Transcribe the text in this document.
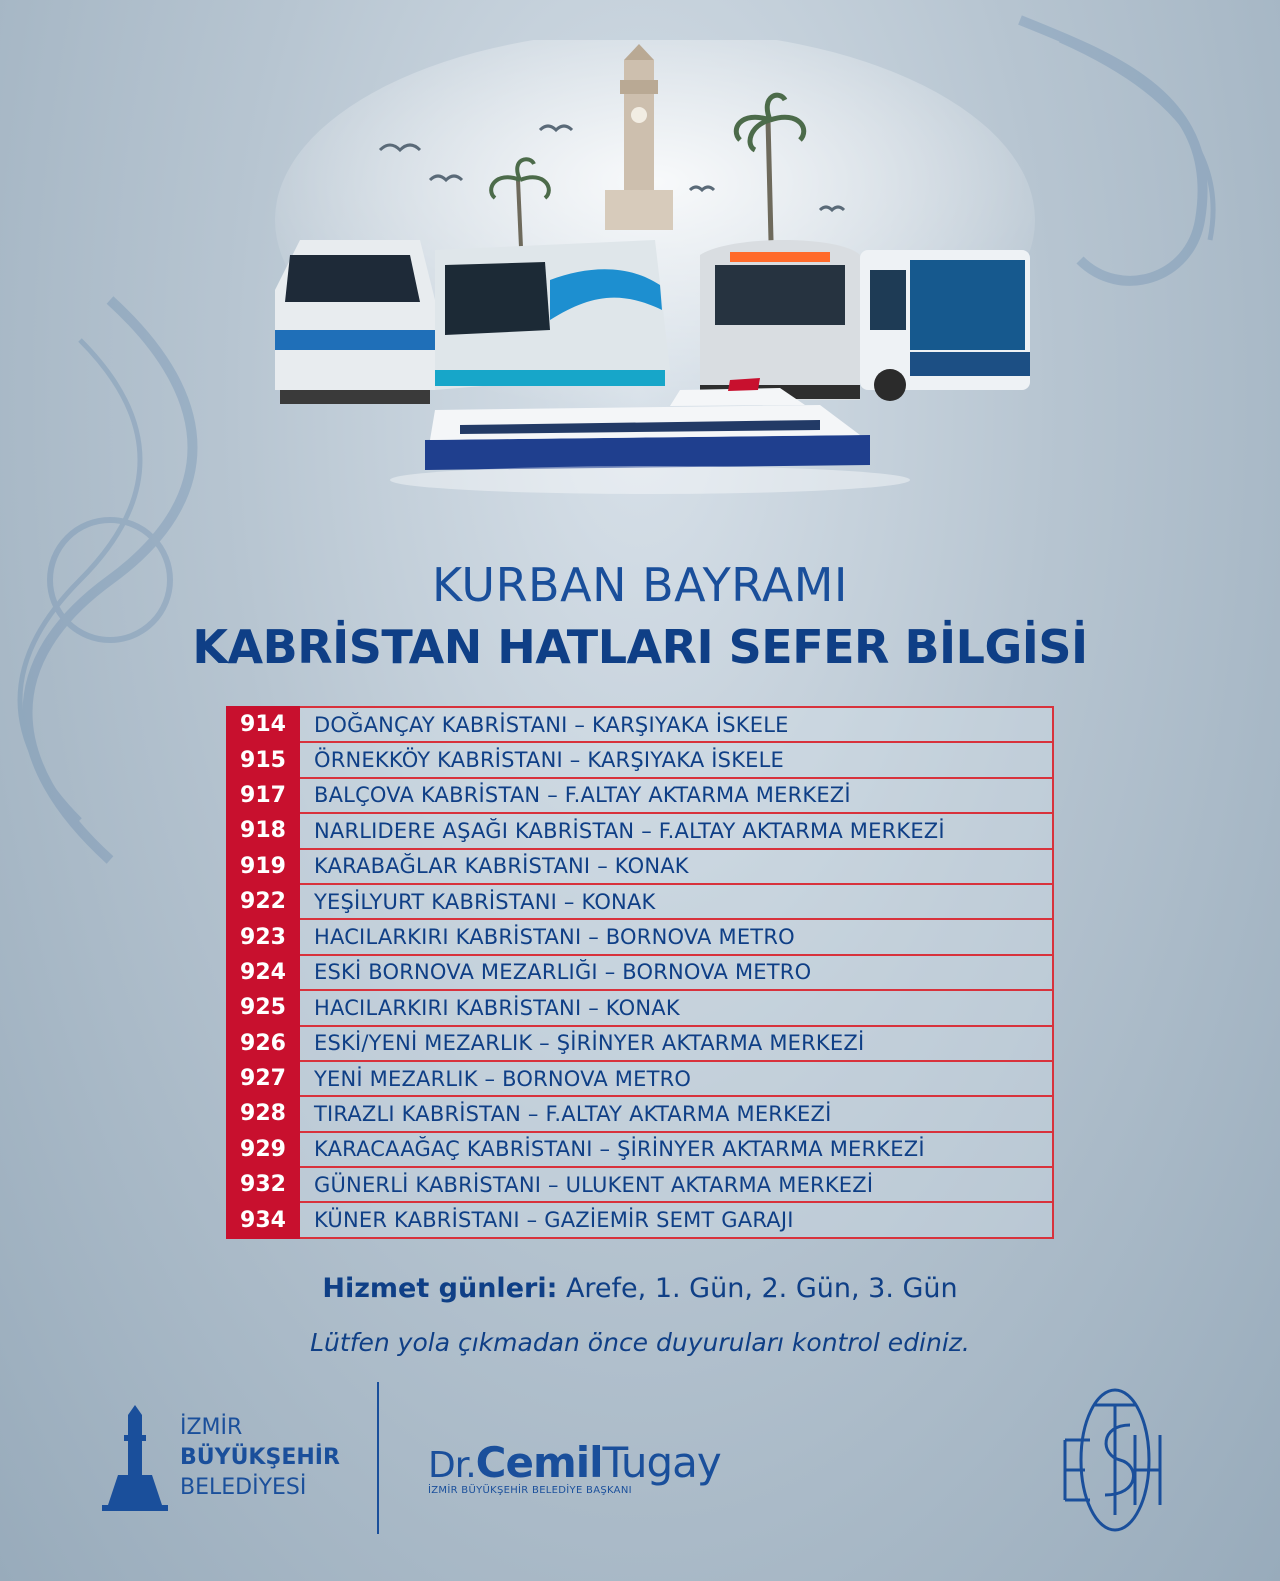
KURBAN BAYRAMI
KABRİSTAN HATLARI SEFER BİLGİSİ
914	DOĞANÇAY KABRİSTANI – KARŞIYAKA İSKELE
915	ÖRNEKKÖY KABRİSTANI – KARŞIYAKA İSKELE
917	BALÇOVA KABRİSTAN – F.ALTAY AKTARMA MERKEZİ
918	NARLIDERE AŞAĞI KABRİSTAN – F.ALTAY AKTARMA MERKEZİ
919	KARABAĞLAR KABRİSTANI – KONAK
922	YEŞİLYURT KABRİSTANI – KONAK
923	HACILARKIRI KABRİSTANI – BORNOVA METRO
924	ESKİ BORNOVA MEZARLIĞI – BORNOVA METRO
925	HACILARKIRI KABRİSTANI – KONAK
926	ESKİ/YENİ MEZARLIK – ŞİRİNYER AKTARMA MERKEZİ
927	YENİ MEZARLIK – BORNOVA METRO
928	TIRAZLI KABRİSTAN – F.ALTAY AKTARMA MERKEZİ
929	KARACAAĞAÇ KABRİSTANI – ŞİRİNYER AKTARMA MERKEZİ
932	GÜNERLİ KABRİSTANI – ULUKENT AKTARMA MERKEZİ
934	KÜNER KABRİSTANI – GAZİEMİR SEMT GARAJI
Hizmet günleri: Arefe, 1. Gün, 2. Gün, 3. Gün
Lütfen yola çıkmadan önce duyuruları kontrol ediniz.
İZMİR
BÜYÜKŞEHİR
BELEDİYESİ
Dr.CemilTugay
İZMİR BÜYÜKŞEHİR BELEDİYE BAŞKANI
